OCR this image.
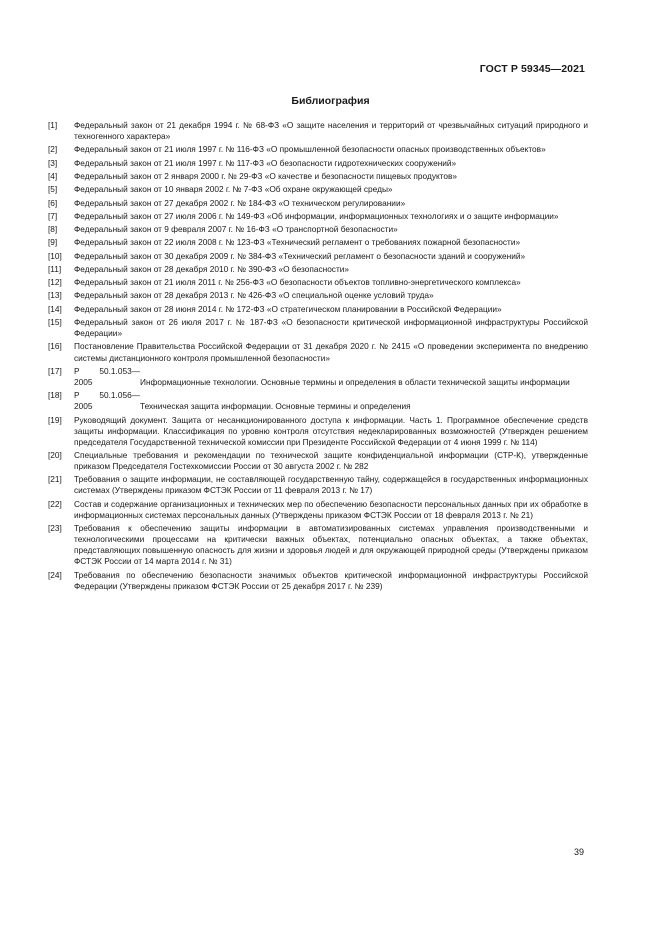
ГОСТ Р 59345—2021
Библиография
[1]	Федеральный закон от 21 декабря 1994 г. № 68-ФЗ «О защите населения и территорий от чрезвычайных ситуаций природного и техногенного характера»
[2]	Федеральный закон от 21 июля 1997 г. № 116-ФЗ «О промышленной безопасности опасных производственных объектов»
[3]	Федеральный закон от 21 июля 1997 г. № 117-ФЗ «О безопасности гидротехнических сооружений»
[4]	Федеральный закон от 2 января 2000 г. № 29-ФЗ «О качестве и безопасности пищевых продуктов»
[5]	Федеральный закон от 10 января 2002 г. № 7-ФЗ «Об охране окружающей среды»
[6]	Федеральный закон от 27 декабря 2002 г. № 184-ФЗ «О техническом регулировании»
[7]	Федеральный закон от 27 июля 2006 г. № 149-ФЗ «Об информации, информационных технологиях и о защите информации»
[8]	Федеральный закон от 9 февраля 2007 г. № 16-ФЗ «О транспортной безопасности»
[9]	Федеральный закон от 22 июля 2008 г. № 123-ФЗ «Технический регламент о требованиях пожарной безопасности»
[10]	Федеральный закон от 30 декабря 2009 г. № 384-ФЗ «Технический регламент о безопасности зданий и сооружений»
[11]	Федеральный закон от 28 декабря 2010 г. № 390-ФЗ «О безопасности»
[12]	Федеральный закон от 21 июля 2011 г. № 256-ФЗ «О безопасности объектов топливно-энергетического комплекса»
[13]	Федеральный закон от 28 декабря 2013 г. № 426-ФЗ «О специальной оценке условий труда»
[14]	Федеральный закон от 28 июня 2014 г. № 172-ФЗ «О стратегическом планировании в Российской Федерации»
[15]	Федеральный закон от 26 июля 2017 г. № 187-ФЗ «О безопасности критической информационной инфраструктуры Российской Федерации»
[16]	Постановление Правительства Российской Федерации от 31 декабря 2020 г. № 2415 «О проведении эксперимента по внедрению системы дистанционного контроля промышленной безопасности»
[17]	Р 50.1.053—2005	Информационные технологии. Основные термины и определения в области технической защиты информации
[18]	Р 50.1.056—2005	Техническая защита информации. Основные термины и определения
[19]	Руководящий документ. Защита от несанкционированного доступа к информации. Часть 1. Программное обеспечение средств защиты информации. Классификация по уровню контроля отсутствия недекларированных возможностей (Утвержден решением председателя Государственной технической комиссии при Президенте Российской Федерации от 4 июня 1999 г. № 114)
[20]	Специальные требования и рекомендации по технической защите конфиденциальной информации (СТР-К), утвержденные приказом Председателя Гостехкомиссии России от 30 августа 2002 г. № 282
[21]	Требования о защите информации, не составляющей государственную тайну, содержащейся в государственных информационных системах (Утверждены приказом ФСТЭК России от 11 февраля 2013 г. № 17)
[22]	Состав и содержание организационных и технических мер по обеспечению безопасности персональных данных при их обработке в информационных системах персональных данных (Утверждены приказом ФСТЭК России от 18 февраля 2013 г. № 21)
[23]	Требования к обеспечению защиты информации в автоматизированных системах управления производственными и технологическими процессами на критически важных объектах, потенциально опасных объектах, а также объектах, представляющих повышенную опасность для жизни и здоровья людей и для окружающей природной среды (Утверждены приказом ФСТЭК России от 14 марта 2014 г. № 31)
[24]	Требования по обеспечению безопасности значимых объектов критической информационной инфраструктуры Российской Федерации (Утверждены приказом ФСТЭК России от 25 декабря 2017 г. № 239)
39
